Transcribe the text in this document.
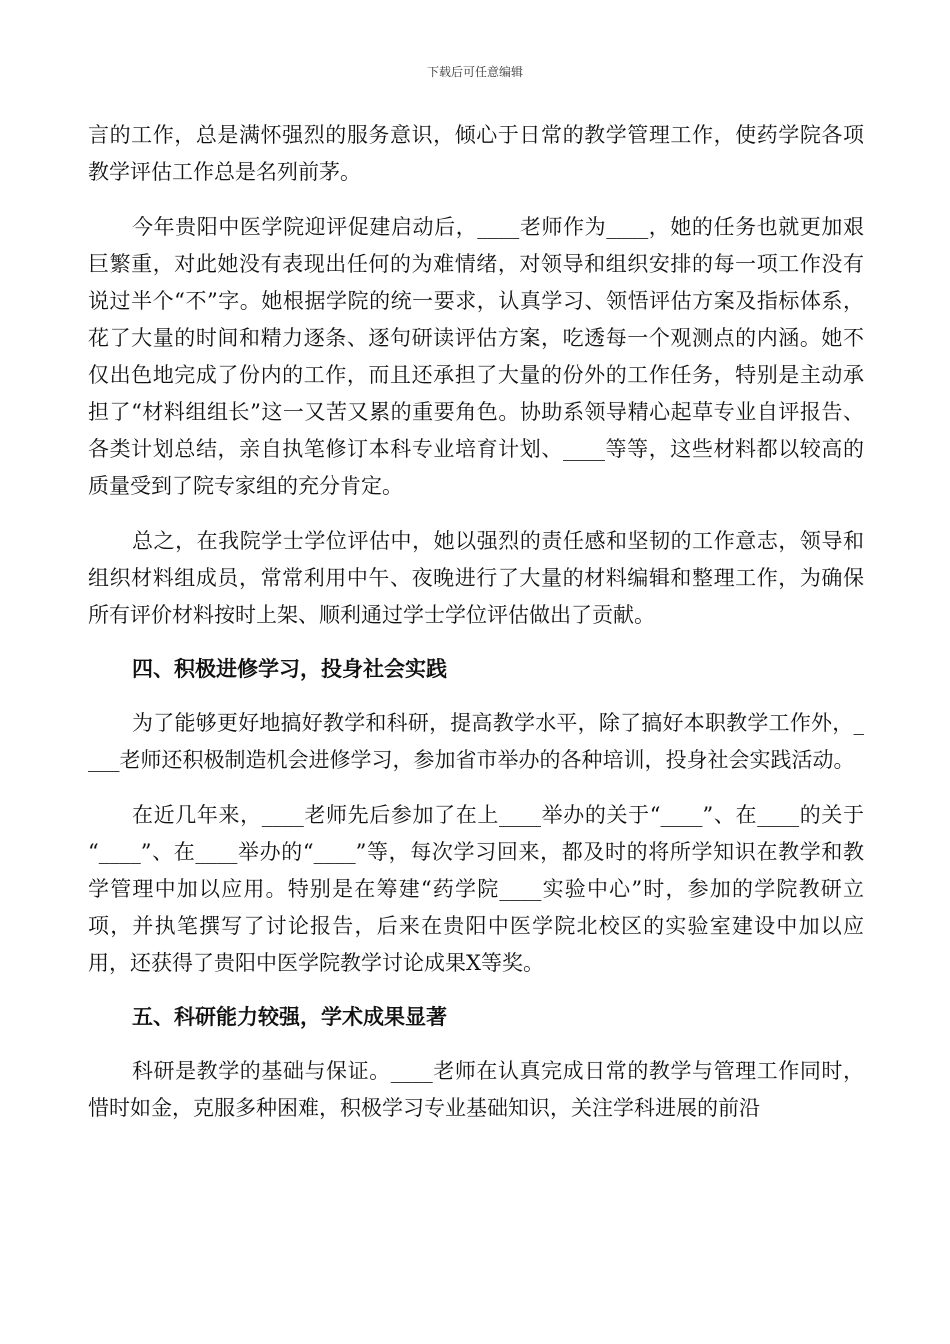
下载后可任意编辑

言的工作，总是满怀强烈的服务意识，倾心于日常的教学管理工作，使药学院各项教学评估工作总是名列前茅。

今年贵阳中医学院迎评促建启动后，____老师作为____，她的任务也就更加艰巨繁重，对此她没有表现出任何的为难情绪，对领导和组织安排的每一项工作没有说过半个“不”字。她根据学院的统一要求，认真学习、领悟评估方案及指标体系，花了大量的时间和精力逐条、逐句研读评估方案，吃透每一个观测点的内涵。她不仅出色地完成了份内的工作，而且还承担了大量的份外的工作任务，特别是主动承担了“材料组组长”这一又苦又累的重要角色。协助系领导精心起草专业自评报告、各类计划总结，亲自执笔修订本科专业培育计划、____等等，这些材料都以较高的质量受到了院专家组的充分肯定。

总之，在我院学士学位评估中，她以强烈的责任感和坚韧的工作意志，领导和组织材料组成员，常常利用中午、夜晚进行了大量的材料编辑和整理工作，为确保所有评价材料按时上架、顺利通过学士学位评估做出了贡献。

四、积极进修学习，投身社会实践

为了能够更好地搞好教学和科研，提高教学水平，除了搞好本职教学工作外，____老师还积极制造机会进修学习，参加省市举办的各种培训，投身社会实践活动。

在近几年来，____老师先后参加了在上____举办的关于“____”、在____的关于 “____”、在____举办的“____”等，每次学习回来，都及时的将所学知识在教学和教学管理中加以应用。特别是在筹建“药学院____实验中心”时，参加的学院教研立项，并执笔撰写了讨论报告，后来在贵阳中医学院北校区的实验室建设中加以应用，还获得了贵阳中医学院教学讨论成果X等奖。

五、科研能力较强，学术成果显著

科研是教学的基础与保证。____老师在认真完成日常的教学与管理工作同时，惜时如金，克服多种困难，积极学习专业基础知识，关注学科进展的前沿
